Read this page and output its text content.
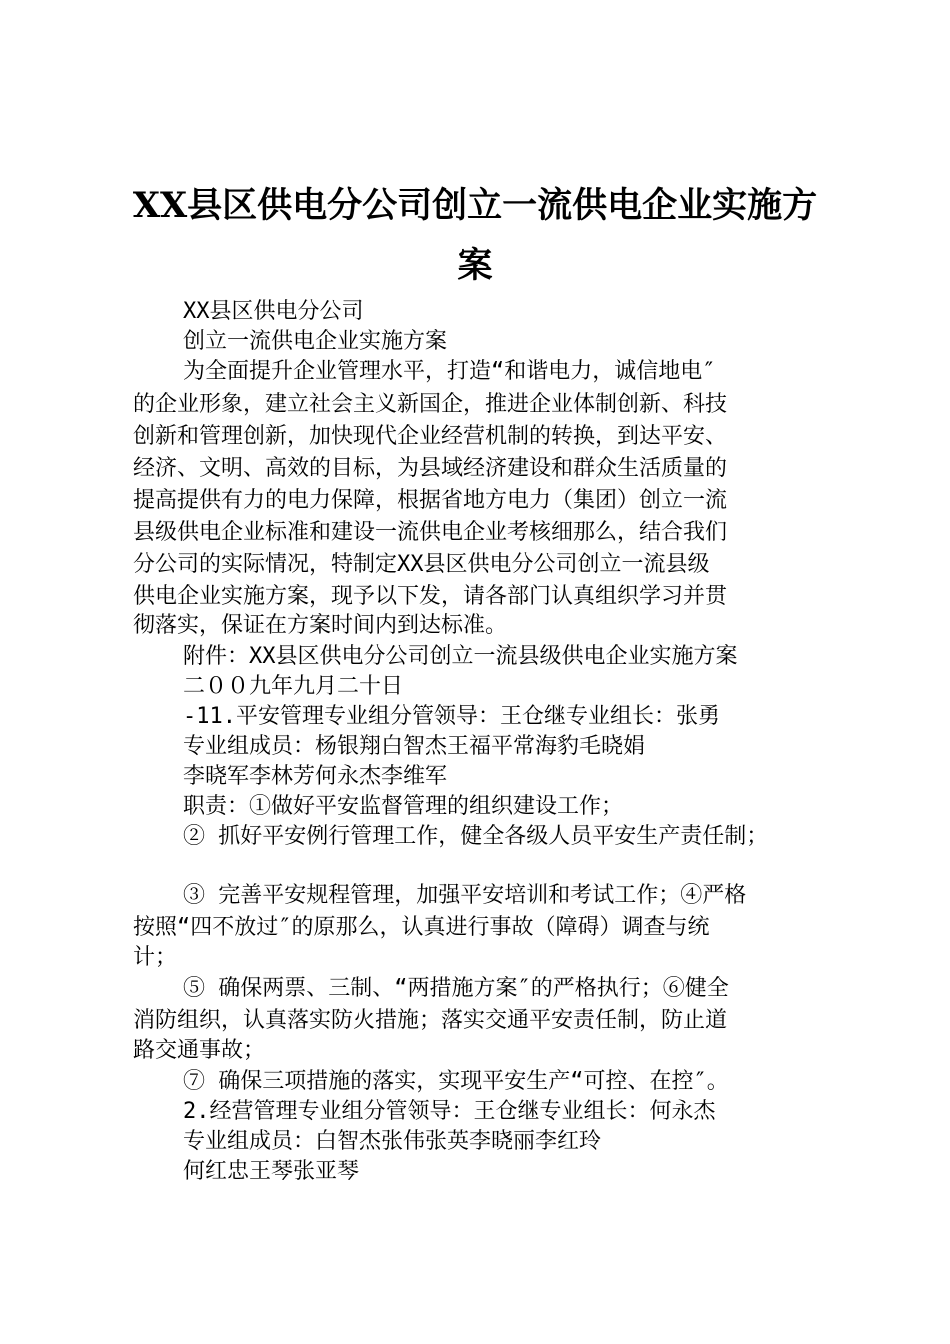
XX县区供电分公司创立一流供电企业实施方
案
XX县区供电分公司
创立一流供电企业实施方案
为全面提升企业管理水平，打造“和谐电力，诚信地电″
的企业形象，建立社会主义新国企，推进企业体制创新、科技
创新和管理创新，加快现代企业经营机制的转换，到达平安、
经济、文明、高效的目标，为县域经济建设和群众生活质量的
提高提供有力的电力保障，根据省地方电力（集团）创立一流
县级供电企业标准和建设一流供电企业考核细那么，结合我们
分公司的实际情况，特制定XX县区供电分公司创立一流县级
供电企业实施方案，现予以下发，请各部门认真组织学习并贯
彻落实，保证在方案时间内到达标准。
附件：XX县区供电分公司创立一流县级供电企业实施方案
二００九年九月二十日
-11.平安管理专业组分管领导：王仓继专业组长：张勇
专业组成员：杨银翔白智杰王福平常海豹毛晓娟
李晓军李林芳何永杰李维军
职责：①做好平安监督管理的组织建设工作；
② 抓好平安例行管理工作，健全各级人员平安生产责任制；
③ 完善平安规程管理，加强平安培训和考试工作；④严格
按照“四不放过″的原那么，认真进行事故（障碍）调查与统
计；
⑤ 确保两票、三制、“两措施方案″的严格执行；⑥健全
消防组织，认真落实防火措施；落实交通平安责任制，防止道
路交通事故；
⑦ 确保三项措施的落实，实现平安生产“可控、在控″。
2.经营管理专业组分管领导：王仓继专业组长：何永杰
专业组成员：白智杰张伟张英李晓丽李红玲
何红忠王琴张亚琴
